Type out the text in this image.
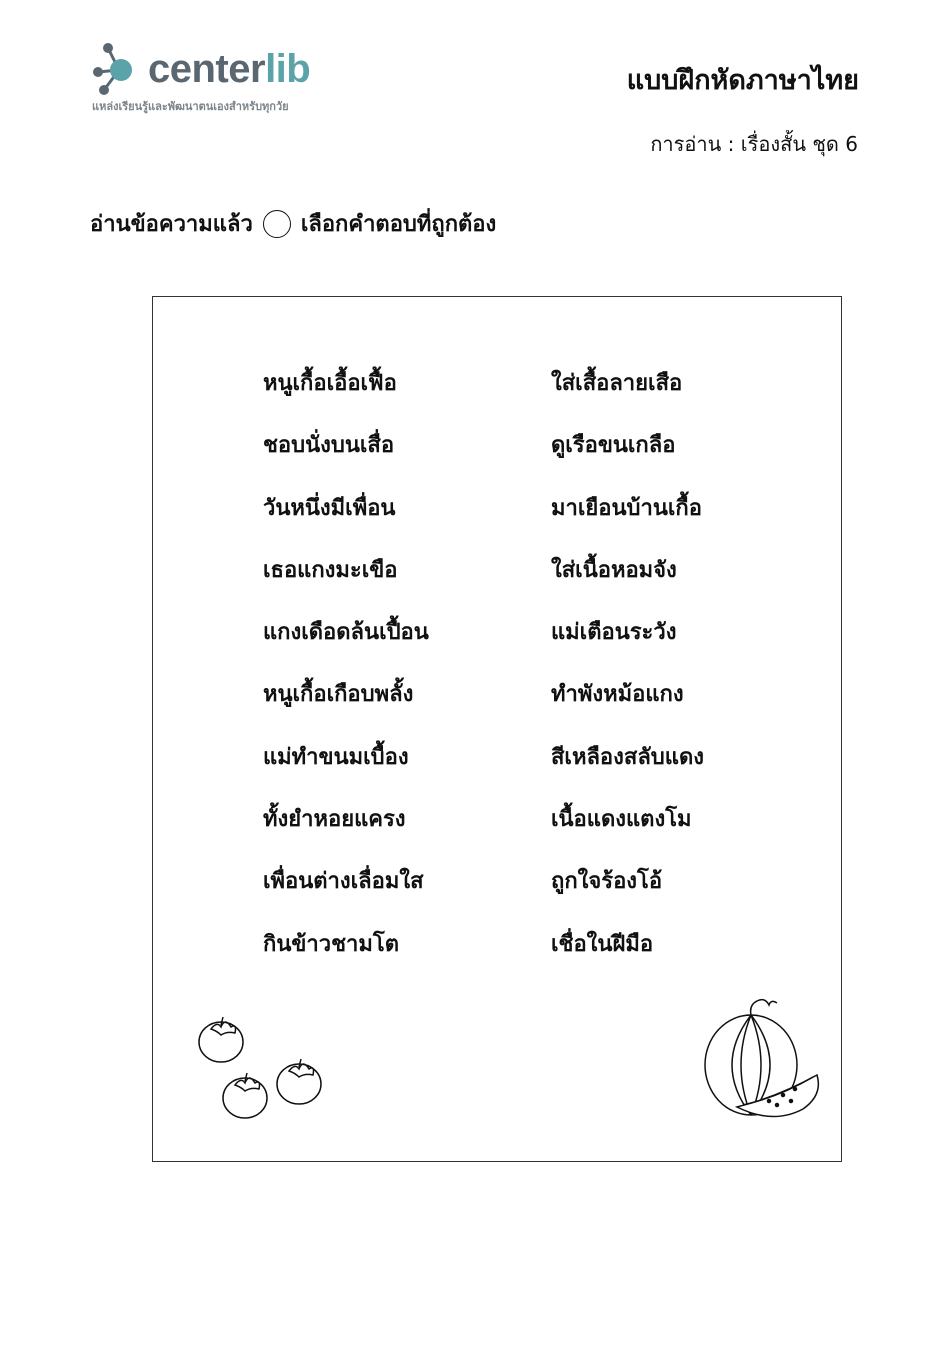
centerlib
แหล่งเรียนรู้และพัฒนาตนเองสำหรับทุกวัย
แบบฝึกหัดภาษาไทย
การอ่าน : เรื่องสั้น ชุด 6
อ่านข้อความแล้ว เลือกคำตอบที่ถูกต้อง
หนูเกื้อเอื้อเฟื้อ
ชอบนั่งบนเสื่อ
วันหนึ่งมีเพื่อน
เธอแกงมะเขือ
แกงเดือดล้นเปื้อน
หนูเกื้อเกือบพลั้ง
แม่ทำขนมเบื้อง
ทั้งยำหอยแครง
เพื่อนต่างเลื่อมใส
กินข้าวชามโต
ใส่เสื้อลายเสือ
ดูเรือขนเกลือ
มาเยือนบ้านเกื้อ
ใส่เนื้อหอมจัง
แม่เตือนระวัง
ทำพังหม้อแกง
สีเหลืองสลับแดง
เนื้อแดงแตงโม
ถูกใจร้องโอ้
เชื่อในฝีมือ
